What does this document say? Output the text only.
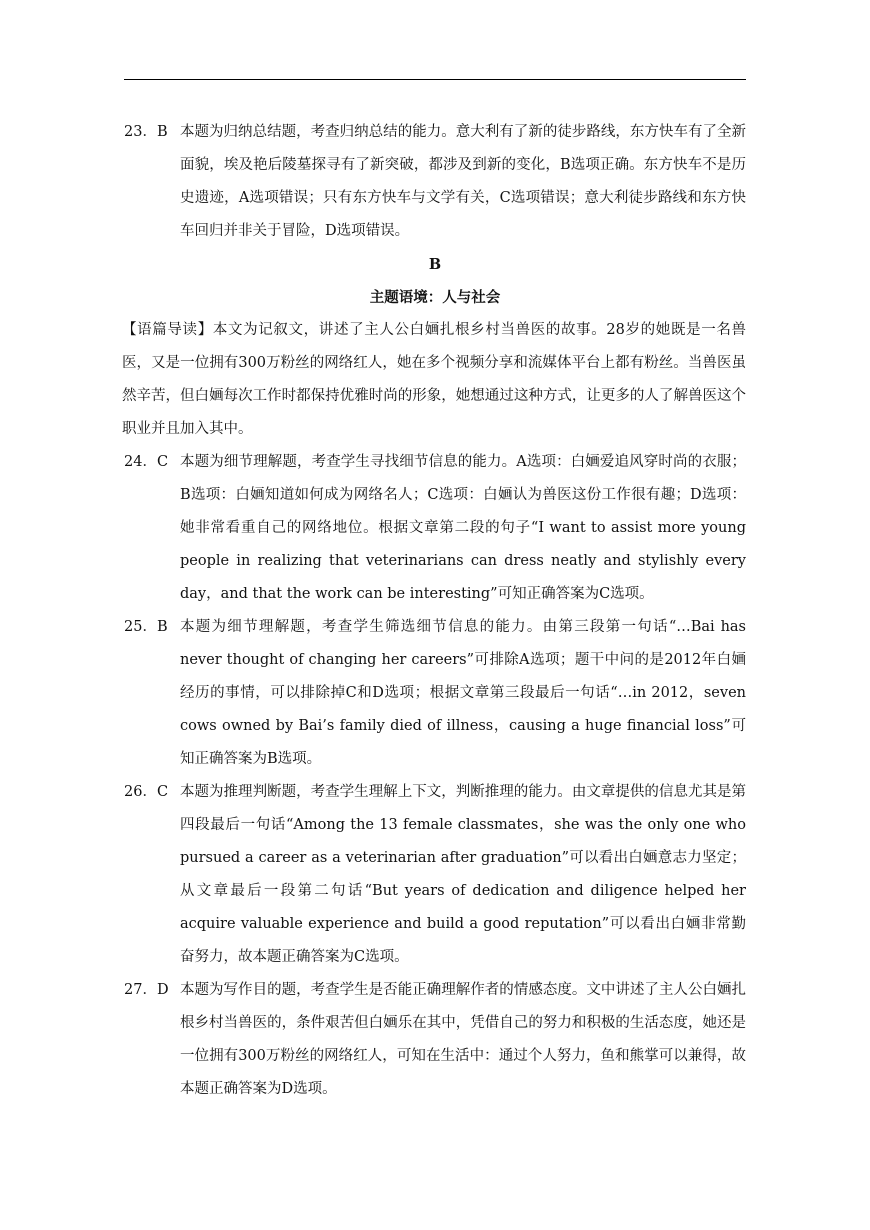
23．B 本题为归纳总结题，考查归纳总结的能力。意大利有了新的徒步路线，东方快车有了全新面貌，埃及艳后陵墓探寻有了新突破，都涉及到新的变化，B选项正确。东方快车不是历史遗迹，A选项错误；只有东方快车与文学有关，C选项错误；意大利徒步路线和东方快车回归并非关于冒险，D选项错误。
B
主题语境：人与社会
【语篇导读】本文为记叙文，讲述了主人公白婳扎根乡村当兽医的故事。28岁的她既是一名兽医，又是一位拥有300万粉丝的网络红人，她在多个视频分享和流媒体平台上都有粉丝。当兽医虽然辛苦，但白婳每次工作时都保持优雅时尚的形象，她想通过这种方式，让更多的人了解兽医这个职业并且加入其中。
24．C 本题为细节理解题，考查学生寻找细节信息的能力。A选项：白婳爱追风穿时尚的衣服；B选项：白婳知道如何成为网络名人；C选项：白婳认为兽医这份工作很有趣；D选项：她非常看重自己的网络地位。根据文章第二段的句子“I want to assist more young people in realizing that veterinarians can dress neatly and stylishly every day，and that the work can be interesting”可知正确答案为C选项。
25．B 本题为细节理解题，考查学生筛选细节信息的能力。由第三段第一句话“…Bai has never thought of changing her careers”可排除A选项；题干中问的是2012年白婳经历的事情，可以排除掉C和D选项；根据文章第三段最后一句话“…in 2012，seven cows owned by Bai’s family died of illness，causing a huge financial loss”可知正确答案为B选项。
26．C 本题为推理判断题，考查学生理解上下文，判断推理的能力。由文章提供的信息尤其是第四段最后一句话“Among the 13 female classmates，she was the only one who pursued a career as a veterinarian after graduation”可以看出白婳意志力坚定；从文章最后一段第二句话“But years of dedication and diligence helped her acquire valuable experience and build a good reputation”可以看出白婳非常勤奋努力，故本题正确答案为C选项。
27．D 本题为写作目的题，考查学生是否能正确理解作者的情感态度。文中讲述了主人公白婳扎根乡村当兽医的，条件艰苦但白婳乐在其中，凭借自己的努力和积极的生活态度，她还是一位拥有300万粉丝的网络红人，可知在生活中：通过个人努力，鱼和熊掌可以兼得，故本题正确答案为D选项。
